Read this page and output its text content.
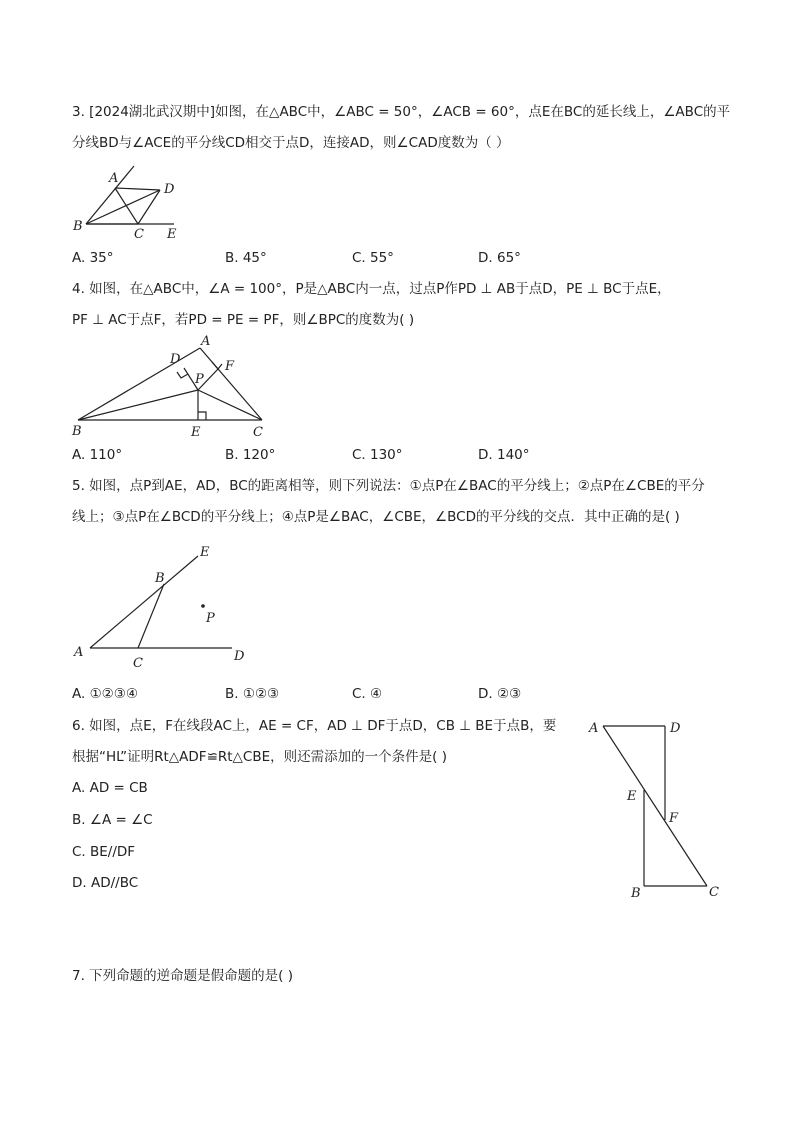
3. [2024湖北武汉期中]如图，在△ABC中，∠ABC = 50°，∠ACB = 60°，点E在BC的延长线上，∠ABC的平
分线BD与∠ACE的平分线CD相交于点D，连接AD，则∠CAD度数为（ ）
A
D
B
C E
A. 35°	B. 45°	C. 55°	D. 65°
4. 如图，在△ABC中，∠A = 100°，P是△ABC内一点，过点P作PD ⊥ AB于点D，PE ⊥ BC于点E，
PF ⊥ AC于点F，若PD = PE = PF，则∠BPC的度数为( )
A
D	F
P
B	E	C
A. 110°	B. 120°	C. 130°	D. 140°
5. 如图，点P到AE，AD，BC的距离相等，则下列说法：①点P在∠BAC的平分线上；②点P在∠CBE的平分
线上；③点P在∠BCD的平分线上；④点P是∠BAC，∠CBE，∠BCD的平分线的交点．其中正确的是( )
E
B
P
A
C	D
A. ①②③④	B. ①②③	C. ④	D. ②③
6. 如图，点E，F在线段AC上，AE = CF，AD ⊥ DF于点D，CB ⊥ BE于点B，要
根据“HL”证明Rt△ADF≌Rt△CBE，则还需添加的一个条件是( )
A. AD = CB
B. ∠A = ∠C
C. BE//DF
D. AD//BC
A	D
E
F
B	C
7. 下列命题的逆命题是假命题的是( )
